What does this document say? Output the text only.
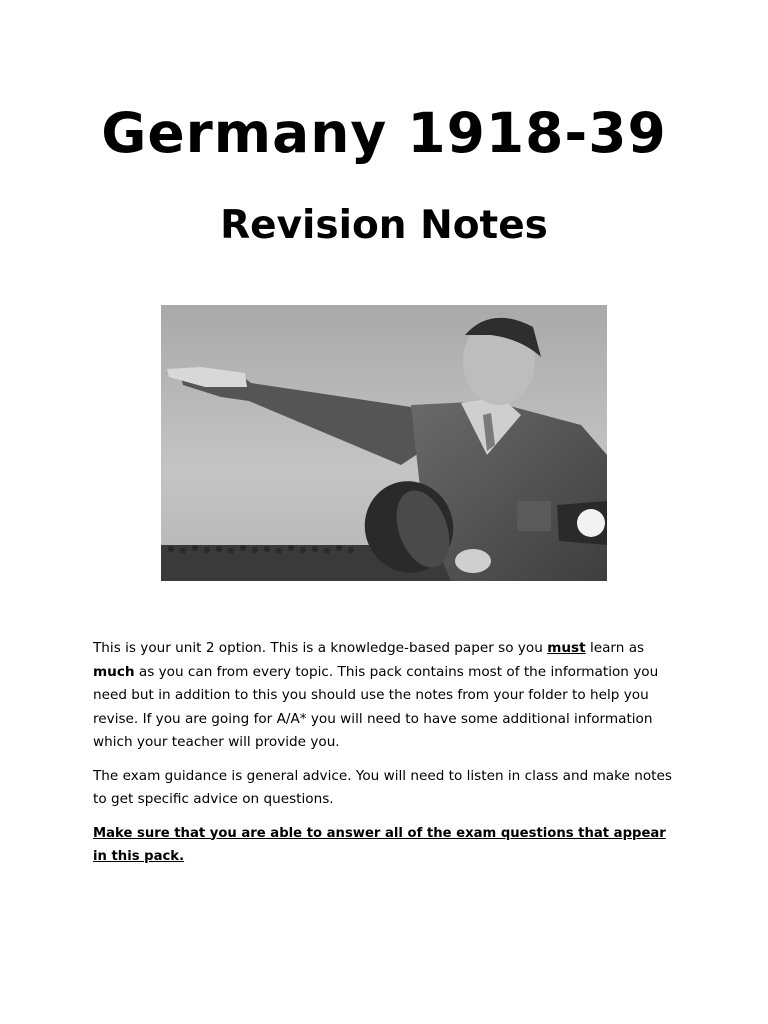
Germany 1918-39
Revision Notes

This is your unit 2 option. This is a knowledge-based paper so you must learn as much as you can from every topic. This pack contains most of the information you need but in addition to this you should use the notes from your folder to help you revise. If you are going for A/A* you will need to have some additional information which your teacher will provide you.

The exam guidance is general advice. You will need to listen in class and make notes to get specific advice on questions.

Make sure that you are able to answer all of the exam questions that appear in this pack.
